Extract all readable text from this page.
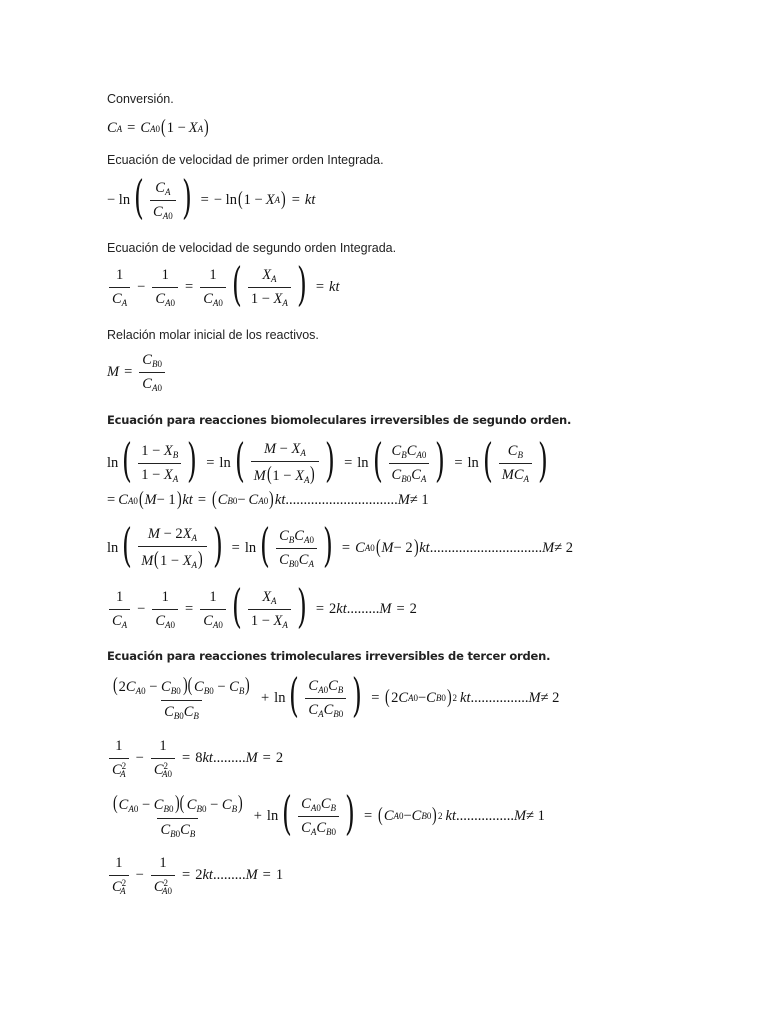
Conversión.
C A = C A0 ( 1 − X A )
Ecuación de velocidad de primer orden Integrada.
− ln ( $\frac{C_A}{C_{A0}}$ ) = − ln ( 1 − X A ) = kt
Ecuación de velocidad de segundo orden Integrada.
$\frac{1}{C_A} - \frac{1}{C_{A0}} = \frac{1}{C_{A0}}$ ( $\frac{X_A}{1 - X_A}$ ) = kt
Relación molar inicial de los reactivos.
$M = \frac{C_{B0}}{C_{A0}}$
Ecuación para reacciones biomoleculares irreversibles de segundo orden.
ln ( $\frac{1 - X_B}{1 - X_A}$ ) = ln ( $\frac{M - X_A}{M(1 - X_A)}$ ) = ln ( $\frac{C_BC_{A0}}{C_{B0}C_A}$ ) = ln ( $\frac{C_B}{MC_A}$ )
= C A0 ( M − 1 ) kt = ( C B0 − C A0 ) kt ............................... M ≠ 1
ln ( $\frac{M - 2X_A}{M(1 - X_A)}$ ) = ln ( $\frac{C_BC_{A0}}{C_{B0}C_A}$ ) = C A0 ( M − 2 ) kt ............................... M ≠ 2
$\frac{1}{C_A} - \frac{1}{C_{A0}} = \frac{1}{C_{A0}}$ ( $\frac{X_A}{1 - X_A}$ ) = 2 kt ......... M = 2
Ecuación para reacciones trimoleculares irreversibles de tercer orden.
$\frac{(2C_{A0} - C_{B0})( C_{B0} - C_B)}{C_{B0}C_B} + \ln$ ( $\frac{C_{A0}C_B}{C_AC_{B0}}$ ) = ( 2 C A0 − C B0 ) 2 kt ................ M ≠ 2
$\frac{1}{C^2_A} - \frac{1}{C^2_{A0}} = 8$ kt ......... M = 2
$\frac{(C_{A0} - C_{B0})( C_{B0} - C_B)}{C_{B0}C_B} + \ln$ ( $\frac{C_{A0}C_B}{C_AC_{B0}}$ ) = ( C A0 − C B0 ) 2 kt ................ M ≠ 1
$\frac{1}{C^2_A} - \frac{1}{C^2_{A0}} = 2$ kt ......... M = 1
